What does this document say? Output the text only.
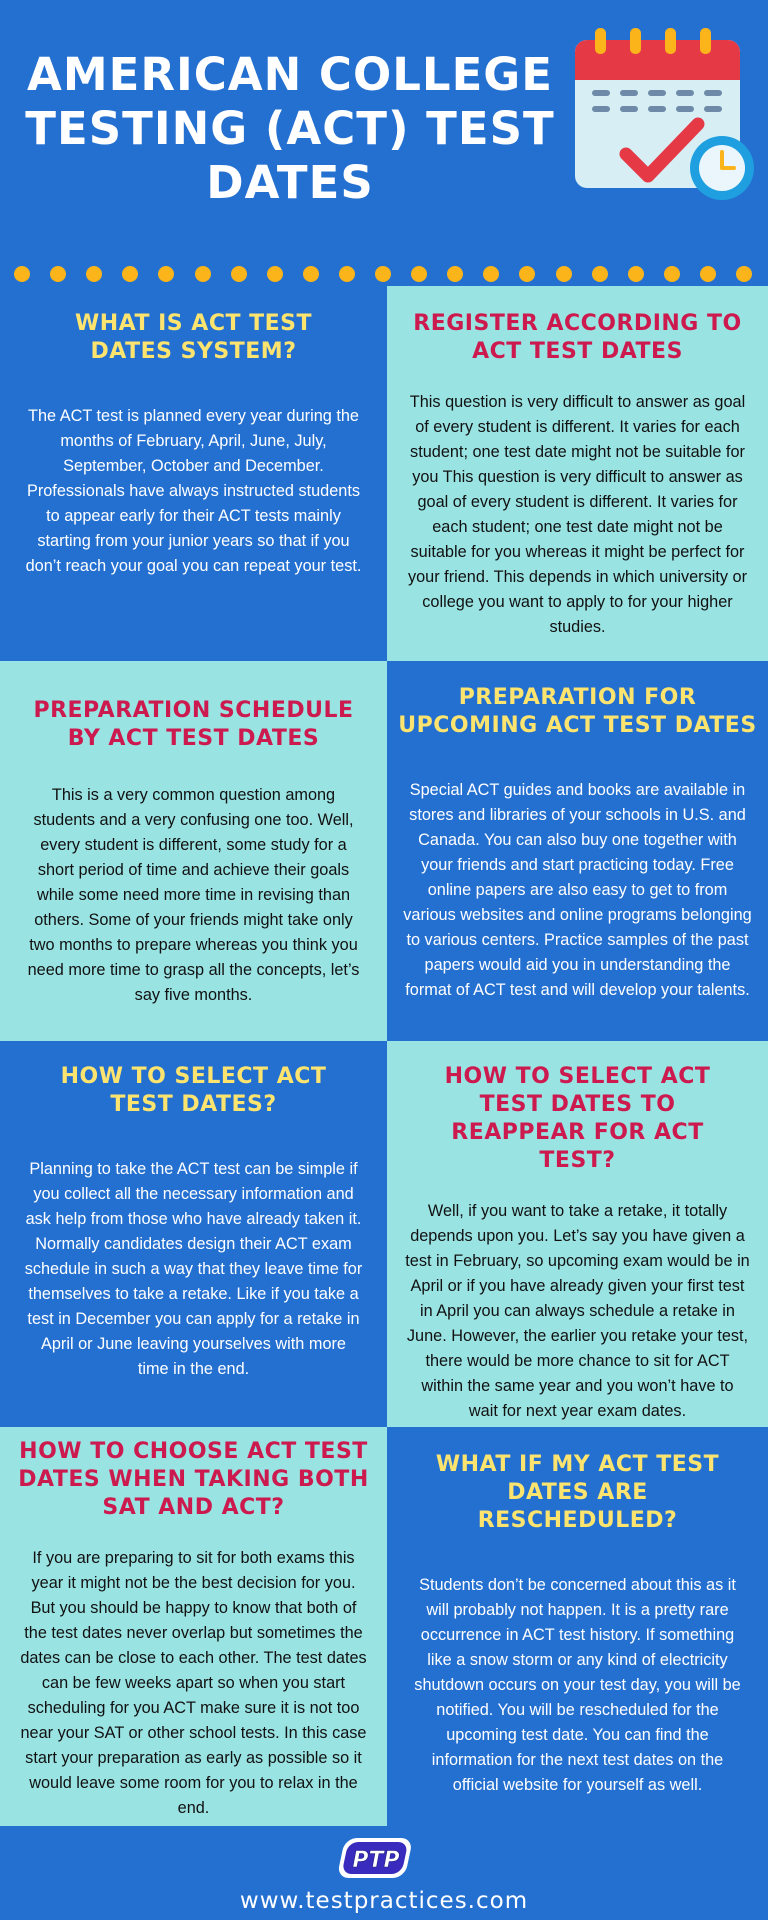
AMERICAN COLLEGE TESTING (ACT) TEST DATES
WHAT IS ACT TEST DATES SYSTEM?

The ACT test is planned every year during the months of February, April, June, July, September, October and December. Professionals have always instructed students to appear early for their ACT tests mainly starting from your junior years so that if you don’t reach your goal you can repeat your test.

REGISTER ACCORDING TO ACT TEST DATES

This question is very difficult to answer as goal of every student is different. It varies for each student; one test date might not be suitable for you This question is very difficult to answer as goal of every student is different. It varies for each student; one test date might not be suitable for you whereas it might be perfect for your friend. This depends in which university or college you want to apply to for your higher studies.

PREPARATION SCHEDULE BY ACT TEST DATES

This is a very common question among students and a very confusing one too. Well, every student is different, some study for a short period of time and achieve their goals while some need more time in revising than others. Some of your friends might take only two months to prepare whereas you think you need more time to grasp all the concepts, let’s say five months.

PREPARATION FOR UPCOMING ACT TEST DATES

Special ACT guides and books are available in stores and libraries of your schools in U.S. and Canada. You can also buy one together with your friends and start practicing today. Free online papers are also easy to get to from various websites and online programs belonging to various centers. Practice samples of the past papers would aid you in understanding the format of ACT test and will develop your talents.

HOW TO SELECT ACT TEST DATES?

Planning to take the ACT test can be simple if you collect all the necessary information and ask help from those who have already taken it. Normally candidates design their ACT exam schedule in such a way that they leave time for themselves to take a retake. Like if you take a test in December you can apply for a retake in April or June leaving yourselves with more time in the end.

HOW TO SELECT ACT TEST DATES TO REAPPEAR FOR ACT TEST?

Well, if you want to take a retake, it totally depends upon you. Let’s say you have given a test in February, so upcoming exam would be in April or if you have already given your first test in April you can always schedule a retake in June. However, the earlier you retake your test, there would be more chance to sit for ACT within the same year and you won’t have to wait for next year exam dates.

HOW TO CHOOSE ACT TEST DATES WHEN TAKING BOTH SAT AND ACT?

If you are preparing to sit for both exams this year it might not be the best decision for you. But you should be happy to know that both of the test dates never overlap but sometimes the dates can be close to each other. The test dates can be few weeks apart so when you start scheduling for you ACT make sure it is not too near your SAT or other school tests. In this case start your preparation as early as possible so it would leave some room for you to relax in the end.

WHAT IF MY ACT TEST DATES ARE RESCHEDULED?

Students don’t be concerned about this as it will probably not happen. It is a pretty rare occurrence in ACT test history. If something like a snow storm or any kind of electricity shutdown occurs on your test day, you will be notified. You will be rescheduled for the upcoming test date. You can find the information for the next test dates on the official website for yourself as well.

PTP
www.testpractices.com
